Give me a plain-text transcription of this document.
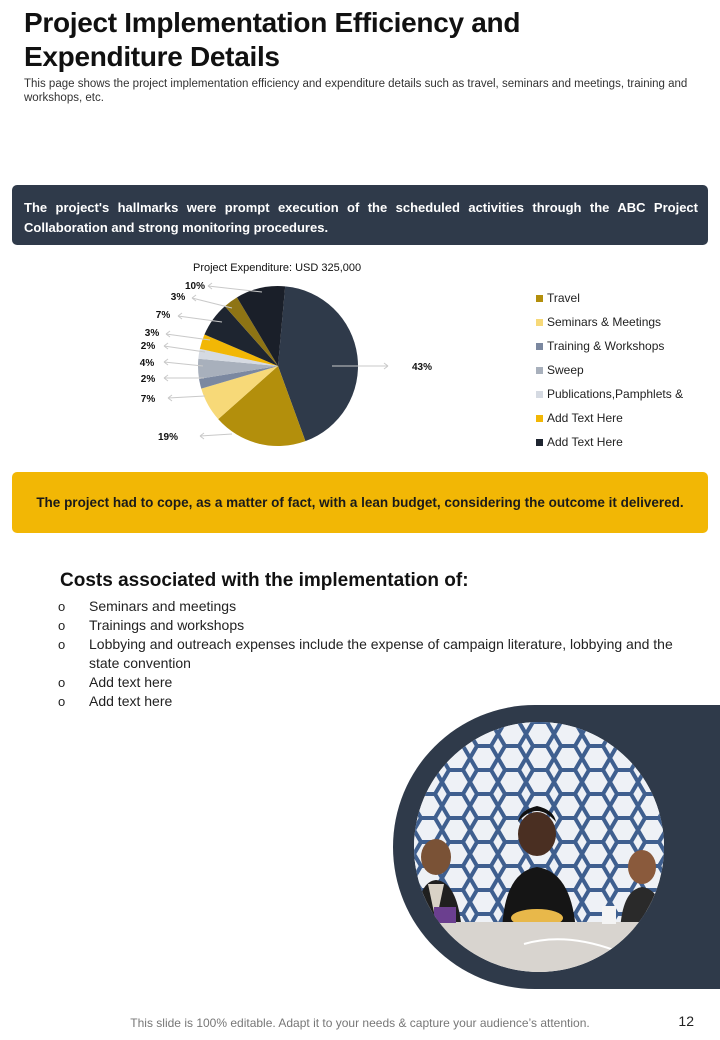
Project Implementation Efficiency and Expenditure Details
This page shows the project implementation efficiency and expenditure details such as travel, seminars and meetings, training and workshops, etc.
The project's hallmarks were prompt execution of the scheduled activities through the ABC Project Collaboration and strong monitoring procedures.
Project Expenditure: USD 325,000
43%
19%
7%
2%
4%
2%
3%
7%
3%
10%
Travel
Seminars & Meetings
Training & Workshops
Sweep
Publications,Pamphlets &
Add Text Here
Add Text Here
The project had to cope, as a matter of fact, with a lean budget, considering the outcome it delivered.
Costs associated with the implementation of:
o Seminars and meetings
o Trainings and workshops
o Lobbying and outreach expenses include the expense of campaign literature, lobbying and the state convention
o Add text here
o Add text here
This slide is 100% editable. Adapt it to your needs & capture your audience’s attention.	12
